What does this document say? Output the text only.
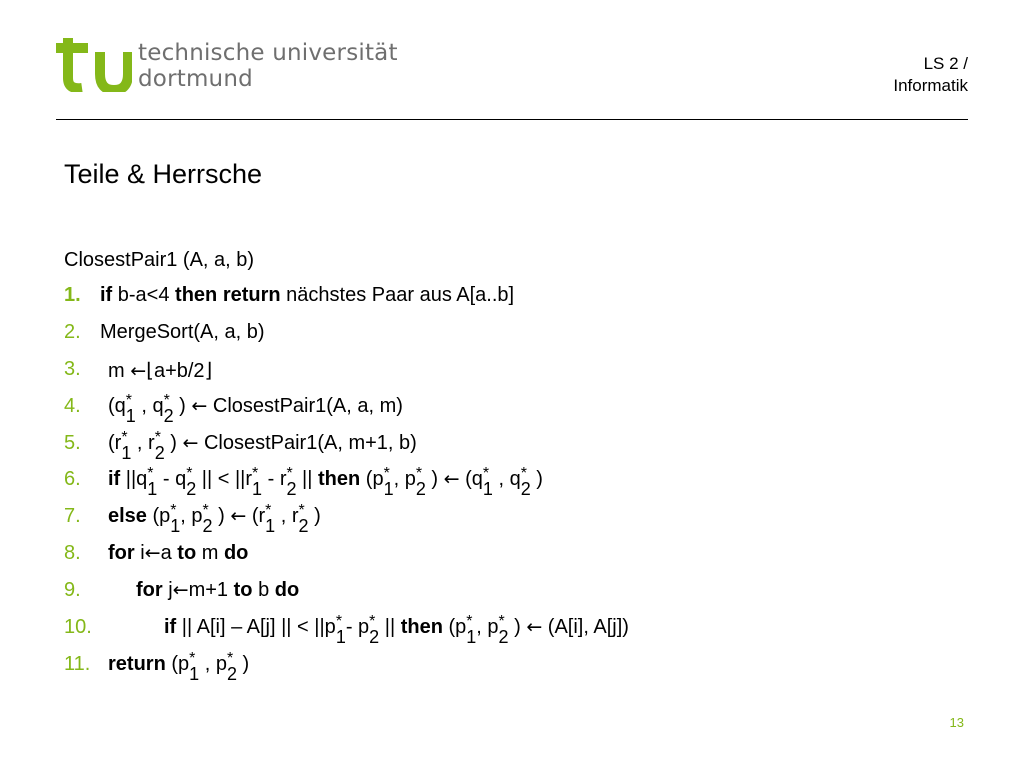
technische universität
dortmund
LS 2 /
Informatik
Teile & Herrsche
ClosestPair1 (A, a, b)
1. if b-a<4 then return nächstes Paar aus A[a..b]
2. MergeSort(A, a, b)
3. m ←⌊a+b/2⌋
4. (q *
1 , q *
2 ) ← ClosestPair1(A, a, m)
5. (r *
1 , r *
2 ) ← ClosestPair1(A, m+1, b)
6. if ||q *
1 - q *
2 || < ||r *
1 - r *
2 || then (p *
1, p *
2 ) ← (q *
1 , q *
2 )
7. else (p *
1, p *
2 ) ← (r *
1 , r *
2 )
8. for i←a to m do
9.	for j←m+1 to b do
10.	if || A[i] – A[j] || < ||p *
1- p *
2 || then (p *
1, p *
2 ) ← (A[i], A[j])
11. return (p *
1 , p *
2 )
13
